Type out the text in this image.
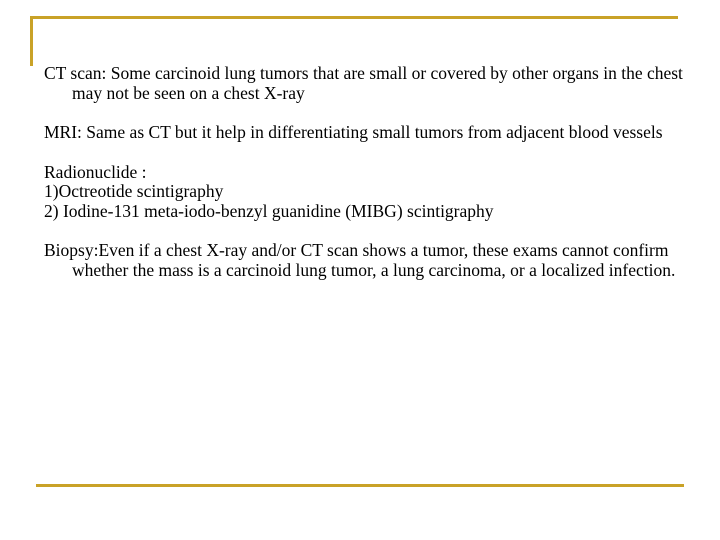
CT scan: Some carcinoid lung tumors that are small or covered by other organs in the chest may not be seen on a chest X-ray

MRI: Same as CT but it help in differentiating small tumors from adjacent blood vessels

Radionuclide :
1)Octreotide scintigraphy
2) Iodine-131 meta-iodo-benzyl guanidine (MIBG) scintigraphy

Biopsy:Even if a chest X-ray and/or CT scan shows a tumor, these exams cannot confirm whether the mass is a carcinoid lung tumor, a lung carcinoma, or a localized infection.
